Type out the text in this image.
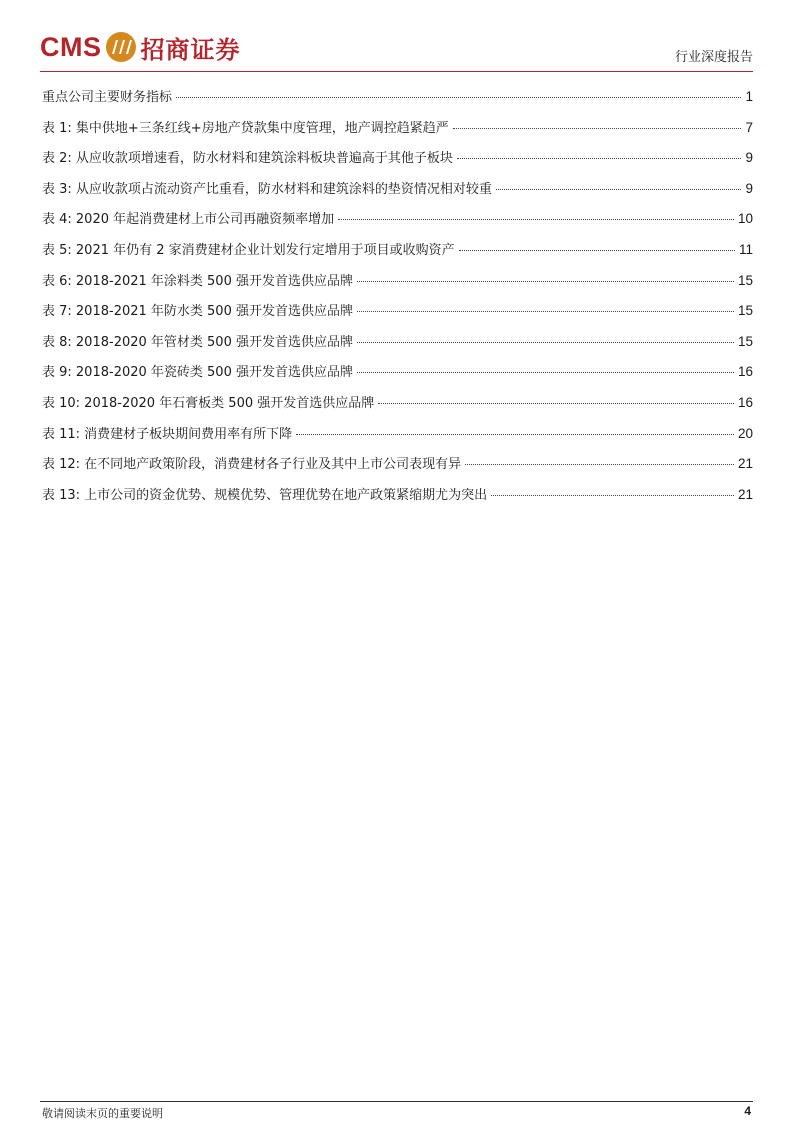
CMS 招商证券	行业深度报告
重点公司主要财务指标	1
表 1: 集中供地+三条红线+房地产贷款集中度管理，地产调控趋紧趋严	7
表 2: 从应收款项增速看，防水材料和建筑涂料板块普遍高于其他子板块	9
表 3: 从应收款项占流动资产比重看，防水材料和建筑涂料的垫资情况相对较重	9
表 4: 2020 年起消费建材上市公司再融资频率增加	10
表 5: 2021 年仍有 2 家消费建材企业计划发行定增用于项目或收购资产	11
表 6: 2018-2021 年涂料类 500 强开发首选供应品牌	15
表 7: 2018-2021 年防水类 500 强开发首选供应品牌	15
表 8: 2018-2020 年管材类 500 强开发首选供应品牌	15
表 9: 2018-2020 年瓷砖类 500 强开发首选供应品牌	16
表 10: 2018-2020 年石膏板类 500 强开发首选供应品牌	16
表 11: 消费建材子板块期间费用率有所下降	20
表 12: 在不同地产政策阶段，消费建材各子行业及其中上市公司表现有异	21
表 13: 上市公司的资金优势、规模优势、管理优势在地产政策紧缩期尤为突出	21
敬请阅读末页的重要说明	4
